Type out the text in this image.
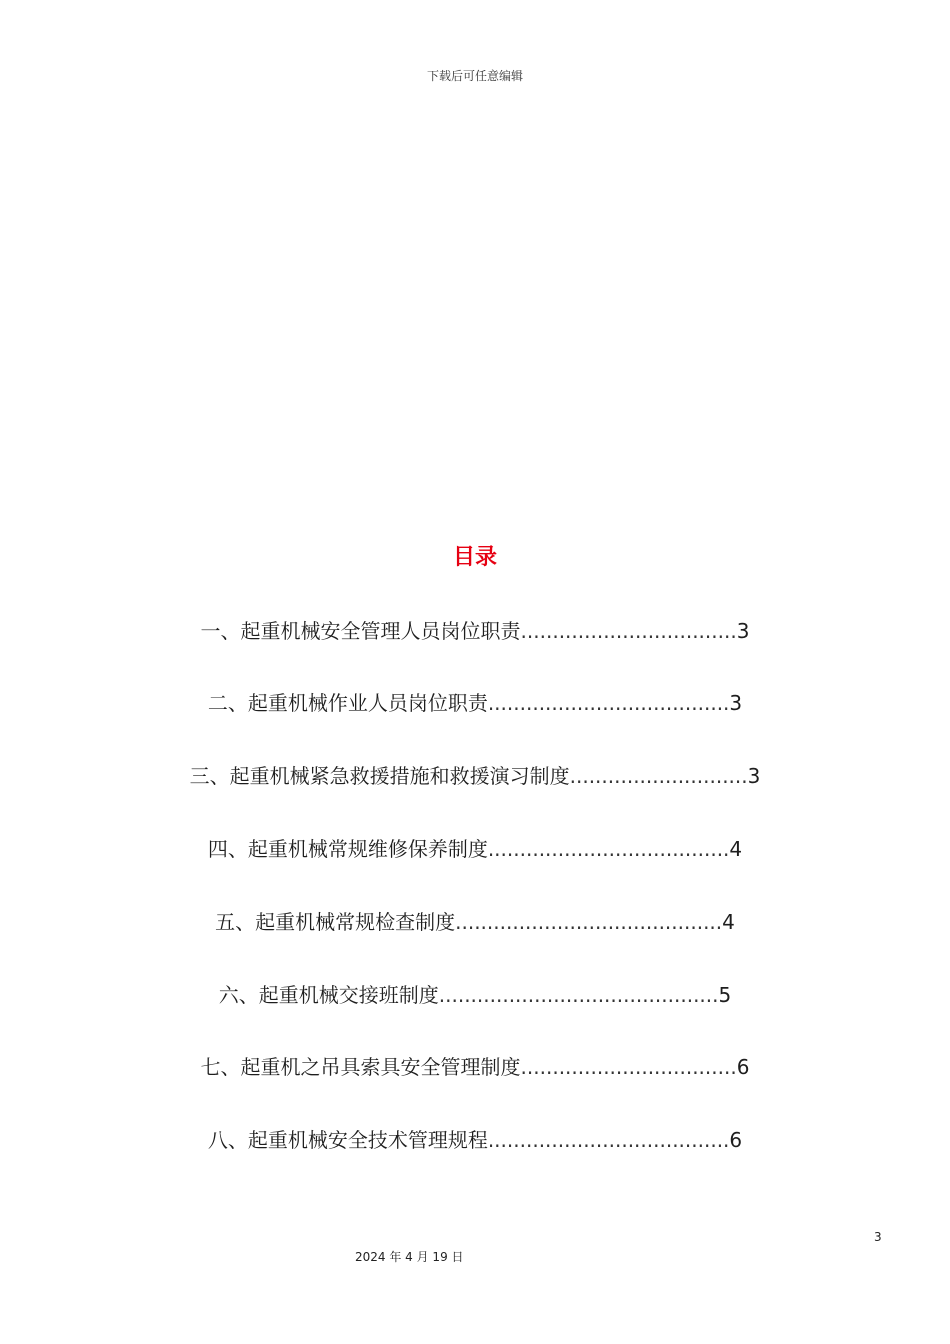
下载后可任意编辑
目录
一、起重机械安全管理人员岗位职责..................................3
二、起重机械作业人员岗位职责......................................3
三、起重机械紧急救援措施和救援演习制度............................3
四、起重机械常规维修保养制度......................................4
五、起重机械常规检查制度..........................................4
六、起重机械交接班制度............................................5
七、起重机之吊具索具安全管理制度..................................6
八、起重机械安全技术管理规程......................................6
3
2024 年 4 月 19 日
